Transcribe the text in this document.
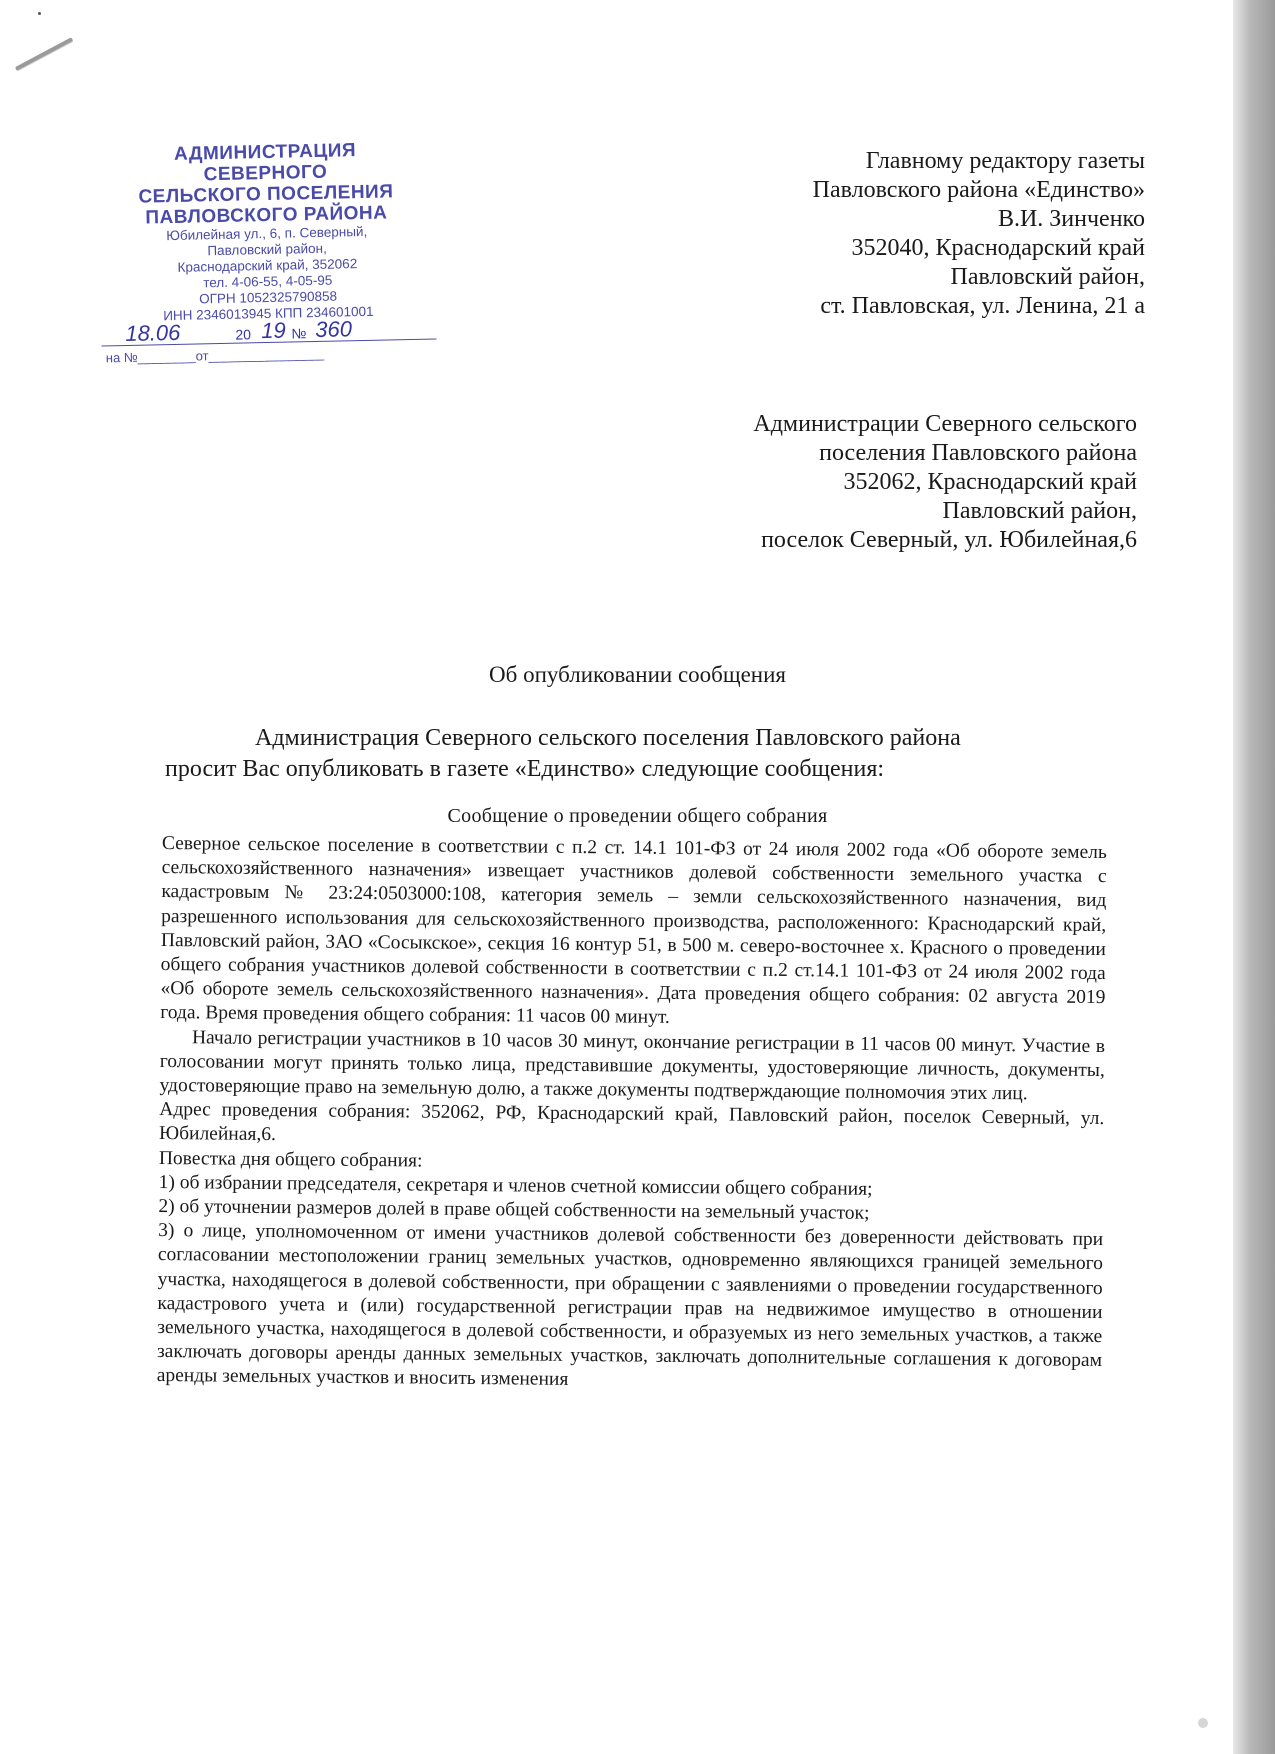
АДМИНИСТРАЦИЯ
СЕВЕРНОГО
СЕЛЬСКОГО ПОСЕЛЕНИЯ
ПАВЛОВСКОГО РАЙОНА
Юбилейная ул., 6, п. Северный,
Павловский район,
Краснодарский край, 352062
тел. 4-06-55, 4-05-95
ОГРН 1052325790858
ИНН 2346013945 КПП 234601001
18.06	20 19 № 360
на №________от________________
Главному редактору газеты
Павловского района «Единство»
В.И. Зинченко
352040, Краснодарский край
Павловский район,
ст. Павловская, ул. Ленина, 21 а
Администрации Северного сельского
поселения Павловского района
352062, Краснодарский край
Павловский район,
поселок Северный, ул. Юбилейная,6
Об опубликовании сообщения

Администрация Северного сельского поселения Павловского района

просит Вас опубликовать в газете «Единство» следующие сообщения:

Сообщение о проведении общего собрания

Северное сельское поселение в соответствии с п.2 ст. 14.1 101-ФЗ от 24 июля 2002 года «Об обороте земель сельскохозяйственного назначения» извещает участников долевой собственности земельного участка с кадастровым № 23:24:0503000:108, категория земель – земли сельскохозяйственного назначения, вид разрешенного использования для сельскохозяйственного производства, расположенного: Краснодарский край, Павловский район, ЗАО «Сосыкское», секция 16 контур 51, в 500 м. северо-восточнее х. Красного о проведении общего собрания участников долевой собственности в соответствии с п.2 ст.14.1 101-ФЗ от 24 июля 2002 года «Об обороте земель сельскохозяйственного назначения». Дата проведения общего собрания: 02 августа 2019 года. Время проведения общего собрания: 11 часов 00 минут.

Начало регистрации участников в 10 часов 30 минут, окончание регистрации в 11 часов 00 минут. Участие в голосовании могут принять только лица, представившие документы, удостоверяющие личность, документы, удостоверяющие право на земельную долю, а также документы подтверждающие полномочия этих лиц.

Адрес проведения собрания: 352062, РФ, Краснодарский край, Павловский район, поселок Северный, ул. Юбилейная,6.

Повестка дня общего собрания:

1) об избрании председателя, секретаря и членов счетной комиссии общего собрания;

2) об уточнении размеров долей в праве общей собственности на земельный участок;

3) о лице, уполномоченном от имени участников долевой собственности без доверенности действовать при согласовании местоположении границ земельных участков, одновременно являющихся границей земельного участка, находящегося в долевой собственности, при обращении с заявлениями о проведении государственного кадастрового учета и (или) государственной регистрации прав на недвижимое имущество в отношении земельного участка, находящегося в долевой собственности, и образуемых из него земельных участков, а также заключать договоры аренды данных земельных участков, заключать дополнительные соглашения к договорам аренды земельных участков и вносить изменения
